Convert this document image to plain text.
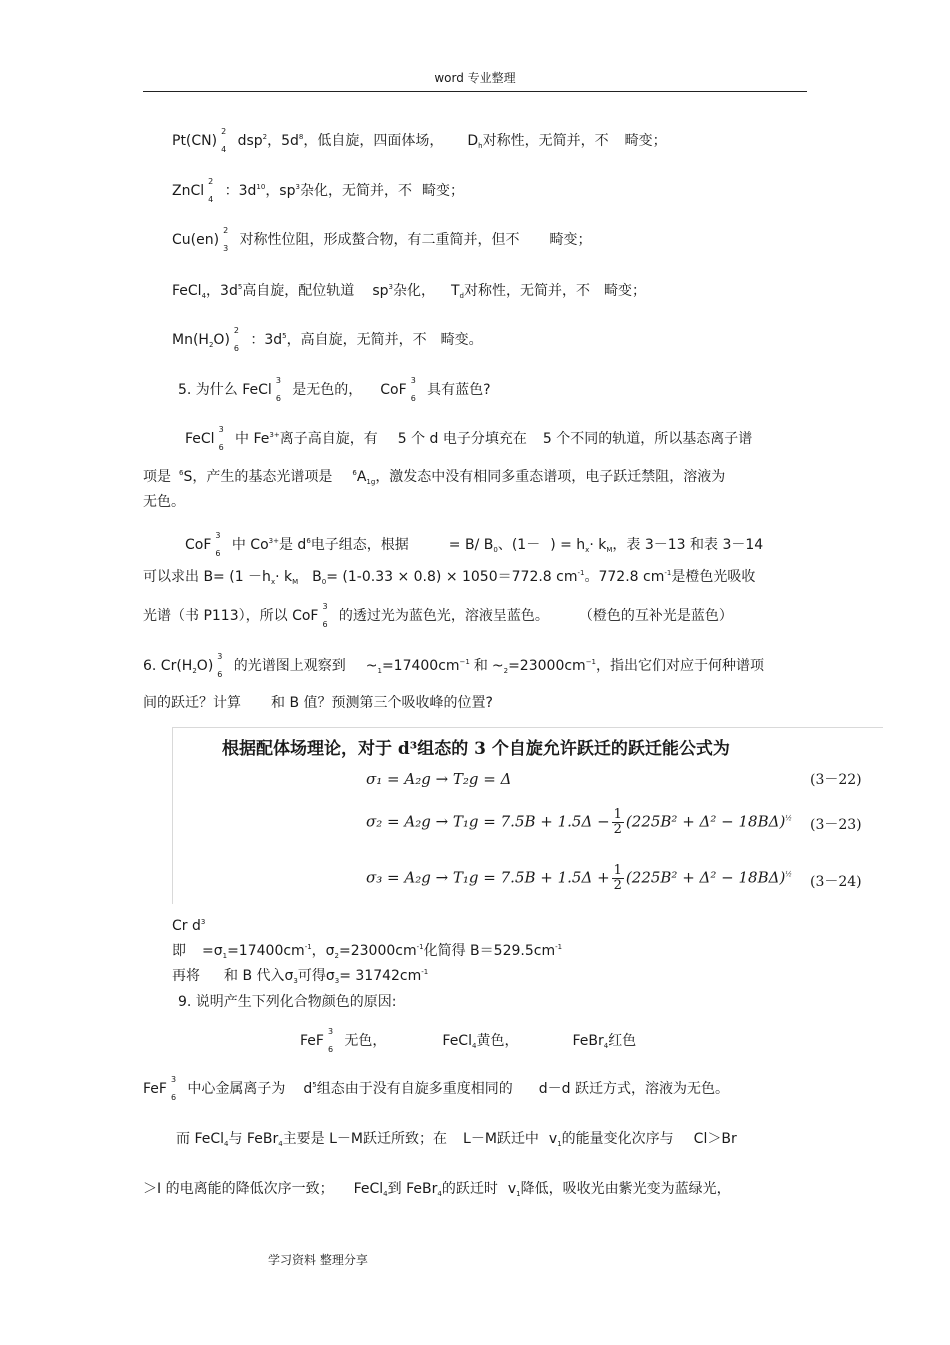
word 专业整理
Pt(CN)
2
4
dsp$^2$，$5d^8$，低自旋，四面体场， $D_h$对称性，无简并，不 畸变；
ZnCl
2
4
：$3d^{10}$，$sp^3$杂化，无简并，不 畸变；
Cu(en)
2
3
对称性位阻，形成螯合物，有二重简并，但不 畸变；
FeCl$_4$，$3d^5$高自旋，配位轨道 $sp^3$杂化， $T_d$对称性，无简并，不 畸变；
$Mn(H_2O)$
2
6
：$3d^5$，高自旋，无简并，不 畸变。
5. 为什么 FeCl
3
6
是无色的， CoF
3
6
具有蓝色?
FeCl
3
6
中 $Fe^{3+}$离子高自旋，有 5 个 d 电子分填充在 5 个不同的轨道，所以基态离子谱
项是 $^6$S，产生的基态光谱项是	$^6A_{1g}$，激发态中没有相同多重态谱项，电子跃迁禁阻，溶液为
无色。
CoF
3
6
中 $Co^{3+}$是 $d^6$电子组态，根据	= B/ $B_0$、(1－ ) = $h_x\cdot k_M$，表 3－13 和表 3－14
可以求出 $B= (1 -h_x\cdot k_M$ $B_0= (1-0.33 \times 0.8) \times 1050=772.8$ $cm^{-1}$。772.8 $cm^{-1}$是橙色光吸收
光谱（书 P113），所以 CoF
3
6
的透过光为蓝色光，溶液呈蓝色。 （橙色的互补光是蓝色）
6. $Cr(H_2O)$
3
6
的光谱图上观察到 $\sim_1=17400cm^{-1}$ 和 $\sim_2=23000cm^{-1}$，指出它们对应于何种谱项
间的跃迁？计算 和 B 值？预测第三个吸收峰的位置?
根据配体场理论，对于 d³组态的 3 个自旋允许跃迁的跃迁能公式为
σ₁ = A₂g → T₂g = Δ	(3－22)
$\sigma_2 = A_2g \to T_1g = 7.5B + 1.5\Delta - \frac{1}{2} (225B^2 + \Delta^2 - 18B\Delta)^{\frac{1}{2}}$ (3－23)
$\sigma_3 = A_2g \to T_1g = 7.5B + 1.5\Delta + \frac{1}{2} (225B^2 + \Delta^2 - 18B\Delta)^{\frac{1}{2}}$ (3－24)
Cr $d^3$
即 $=\sigma_1=17400cm^{-1}$，$\sigma_2=23000cm^{-1}$化简得 $B=529.5cm^{-1}$
再将 和 B 代入$\sigma_3$可得$\sigma_3= 31742cm^{-1}$
9. 说明产生下列化合物颜色的原因:
FeF
3
6
无色，	FeCl$_4$黄色，	FeBr$_4$红色
FeF
3
6
中心金属离子为 $d^5$组态由于没有自旋多重度相同的 d－d 跃迁方式，溶液为无色。
而 FeCl$_4$与 FeBr$_4$主要是 L－M跃迁所致；在 L－M跃迁中 $v_1$的能量变化次序与 Cl＞Br
＞I 的电离能的降低次序一致； FeCl$_4$到 FeBr$_4$的跃迁时 $v_1$降低，吸收光由紫光变为蓝绿光，
学习资料 整理分享
